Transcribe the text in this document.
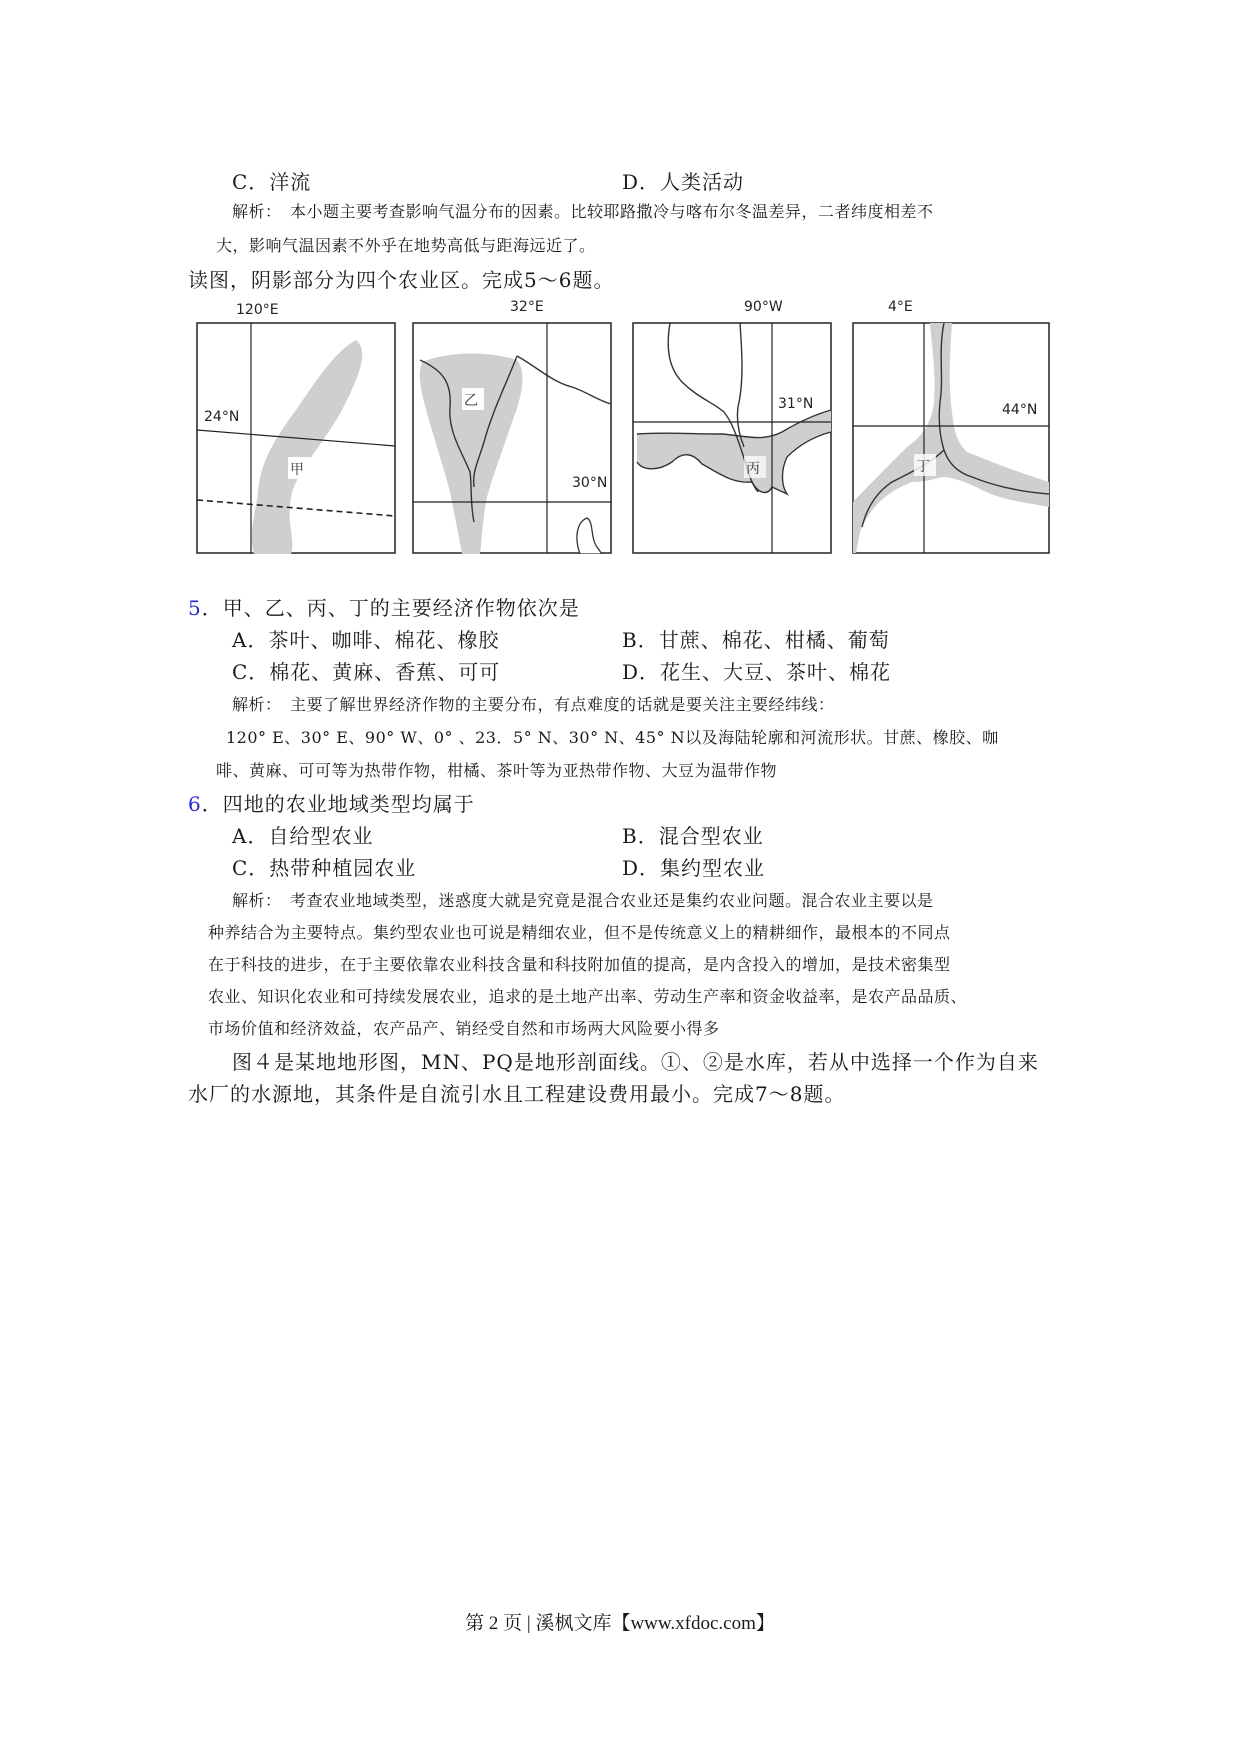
C．洋流	D．人类活动
解析：　本小题主要考查影响气温分布的因素。比较耶路撒冷与喀布尔冬温差异，二者纬度相差不
大，影响气温因素不外乎在地势高低与距海远近了。
读图，阴影部分为四个农业区。完成5～6题。
120°E
甲
24°N
32°E
乙
30°N
90°W
丙
31°N
4°E
丁
44°N
5．甲、乙、丙、丁的主要经济作物依次是
A．茶叶、咖啡、棉花、橡胶	B．甘蔗、棉花、柑橘、葡萄
C．棉花、黄麻、香蕉、可可	D．花生、大豆、茶叶、棉花
解析：　主要了解世界经济作物的主要分布，有点难度的话就是要关注主要经纬线：
120° E、30° E、90° W、0° 、23．5° N、30° N、45° N以及海陆轮廓和河流形状。甘蔗、橡胶、咖
啡、黄麻、可可等为热带作物，柑橘、茶叶等为亚热带作物、大豆为温带作物
6．四地的农业地域类型均属于
A．自给型农业	B．混合型农业
C．热带种植园农业	D．集约型农业
解析：　考查农业地域类型，迷惑度大就是究竟是混合农业还是集约农业问题。混合农业主要以是
种养结合为主要特点。集约型农业也可说是精细农业，但不是传统意义上的精耕细作，最根本的不同点
在于科技的进步，在于主要依靠农业科技含量和科技附加值的提高，是内含投入的增加，是技术密集型
农业、知识化农业和可持续发展农业，追求的是土地产出率、劳动生产率和资金收益率，是农产品品质、
市场价值和经济效益，农产品产、销经受自然和市场两大风险要小得多
图４是某地地形图，MN、PQ是地形剖面线。①、②是水库，若从中选择一个作为自来
水厂的水源地，其条件是自流引水且工程建设费用最小。完成7～8题。
第 2 页 | 溪枫文库【www.xfdoc.com】
